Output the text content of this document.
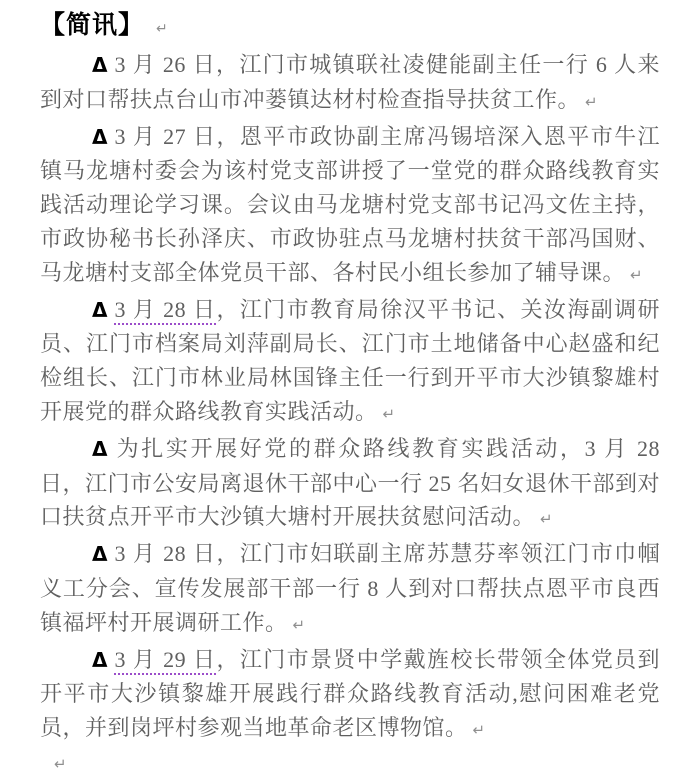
【简讯】 ↵

Δ 3 月 26 日，江门市城镇联社凌健能副主任一行 6 人来到对口帮扶点台山市冲蒌镇达材村检查指导扶贫工作。 ↵

Δ 3 月 27 日，恩平市政协副主席冯锡培深入恩平市牛江镇马龙塘村委会为该村党支部讲授了一堂党的群众路线教育实践活动理论学习课。会议由马龙塘村党支部书记冯文佐主持，市政协秘书长孙泽庆、市政协驻点马龙塘村扶贫干部冯国财、马龙塘村支部全体党员干部、各村民小组长参加了辅导课。 ↵

Δ 3 月 28 日，江门市教育局徐汉平书记、关汝海副调研员、江门市档案局刘萍副局长、江门市土地储备中心赵盛和纪检组长、江门市林业局林国锋主任一行到开平市大沙镇黎雄村开展党的群众路线教育实践活动。 ↵

Δ 为扎实开展好党的群众路线教育实践活动，3 月 28 日，江门市公安局离退休干部中心一行 25 名妇女退休干部到对口扶贫点开平市大沙镇大塘村开展扶贫慰问活动。 ↵

Δ 3 月 28 日，江门市妇联副主席苏慧芬率领江门市巾帼义工分会、宣传发展部干部一行 8 人到对口帮扶点恩平市良西镇福坪村开展调研工作。 ↵

Δ 3 月 29 日，江门市景贤中学戴旌校长带领全体党员到开平市大沙镇黎雄开展践行群众路线教育活动,慰问困难老党员，并到岗坪村参观当地革命老区博物馆。 ↵

↵
